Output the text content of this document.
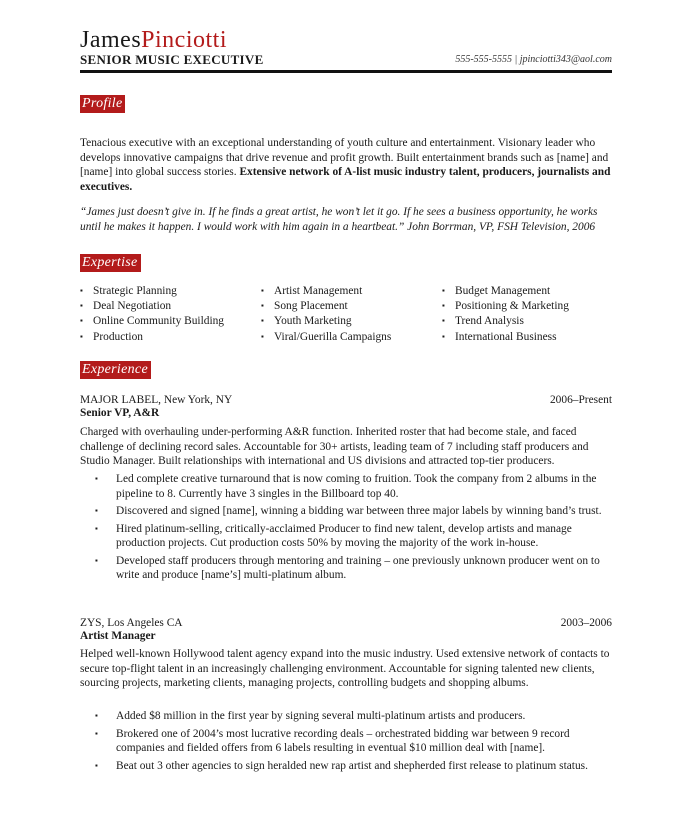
JamesPinciotti
SENIOR MUSIC EXECUTIVE	555-555-5555 | jpinciotti343@aol.com
Profile
Tenacious executive with an exceptional understanding of youth culture and entertainment. Visionary leader who develops innovative campaigns that drive revenue and profit growth. Built entertainment brands such as [name] and [name] into global success stories. Extensive network of A-list music industry talent, producers, journalists and executives.
“James just doesn’t give in. If he finds a great artist, he won’t let it go. If he sees a business opportunity, he works until he makes it happen. I would work with him again in a heartbeat.” John Borrman, VP, FSH Television, 2006
Expertise
▪ Strategic Planning
▪ Deal Negotiation
▪ Online Community Building
▪ Production
▪ Artist Management
▪ Song Placement
▪ Youth Marketing
▪ Viral/Guerilla Campaigns
▪ Budget Management
▪ Positioning & Marketing
▪ Trend Analysis
▪ International Business
Experience
MAJOR LABEL, New York, NY	2006–Present
Senior VP, A&R
Charged with overhauling under-performing A&R function. Inherited roster that had become stale, and faced challenge of declining record sales. Accountable for 30+ artists, leading team of 7 including staff producers and Studio Manager. Built relationships with international and US divisions and attracted top-tier producers.
▪ Led complete creative turnaround that is now coming to fruition. Took the company from 2 albums in the pipeline to 8. Currently have 3 singles in the Billboard top 40.
▪ Discovered and signed [name], winning a bidding war between three major labels by winning band’s trust.
▪ Hired platinum-selling, critically-acclaimed Producer to find new talent, develop artists and manage production projects. Cut production costs 50% by moving the majority of the work in-house.
▪ Developed staff producers through mentoring and training – one previously unknown producer went on to write and produce [name’s] multi-platinum album.
ZYS, Los Angeles CA	2003–2006
Artist Manager
Helped well-known Hollywood talent agency expand into the music industry. Used extensive network of contacts to secure top-flight talent in an increasingly challenging environment. Accountable for signing talented new clients, sourcing projects, marketing clients, managing projects, controlling budgets and shopping albums.
▪ Added $8 million in the first year by signing several multi-platinum artists and producers.
▪ Brokered one of 2004’s most lucrative recording deals – orchestrated bidding war between 9 record companies and fielded offers from 6 labels resulting in eventual $10 million deal with [name].
▪ Beat out 3 other agencies to sign heralded new rap artist and shepherded first release to platinum status.
